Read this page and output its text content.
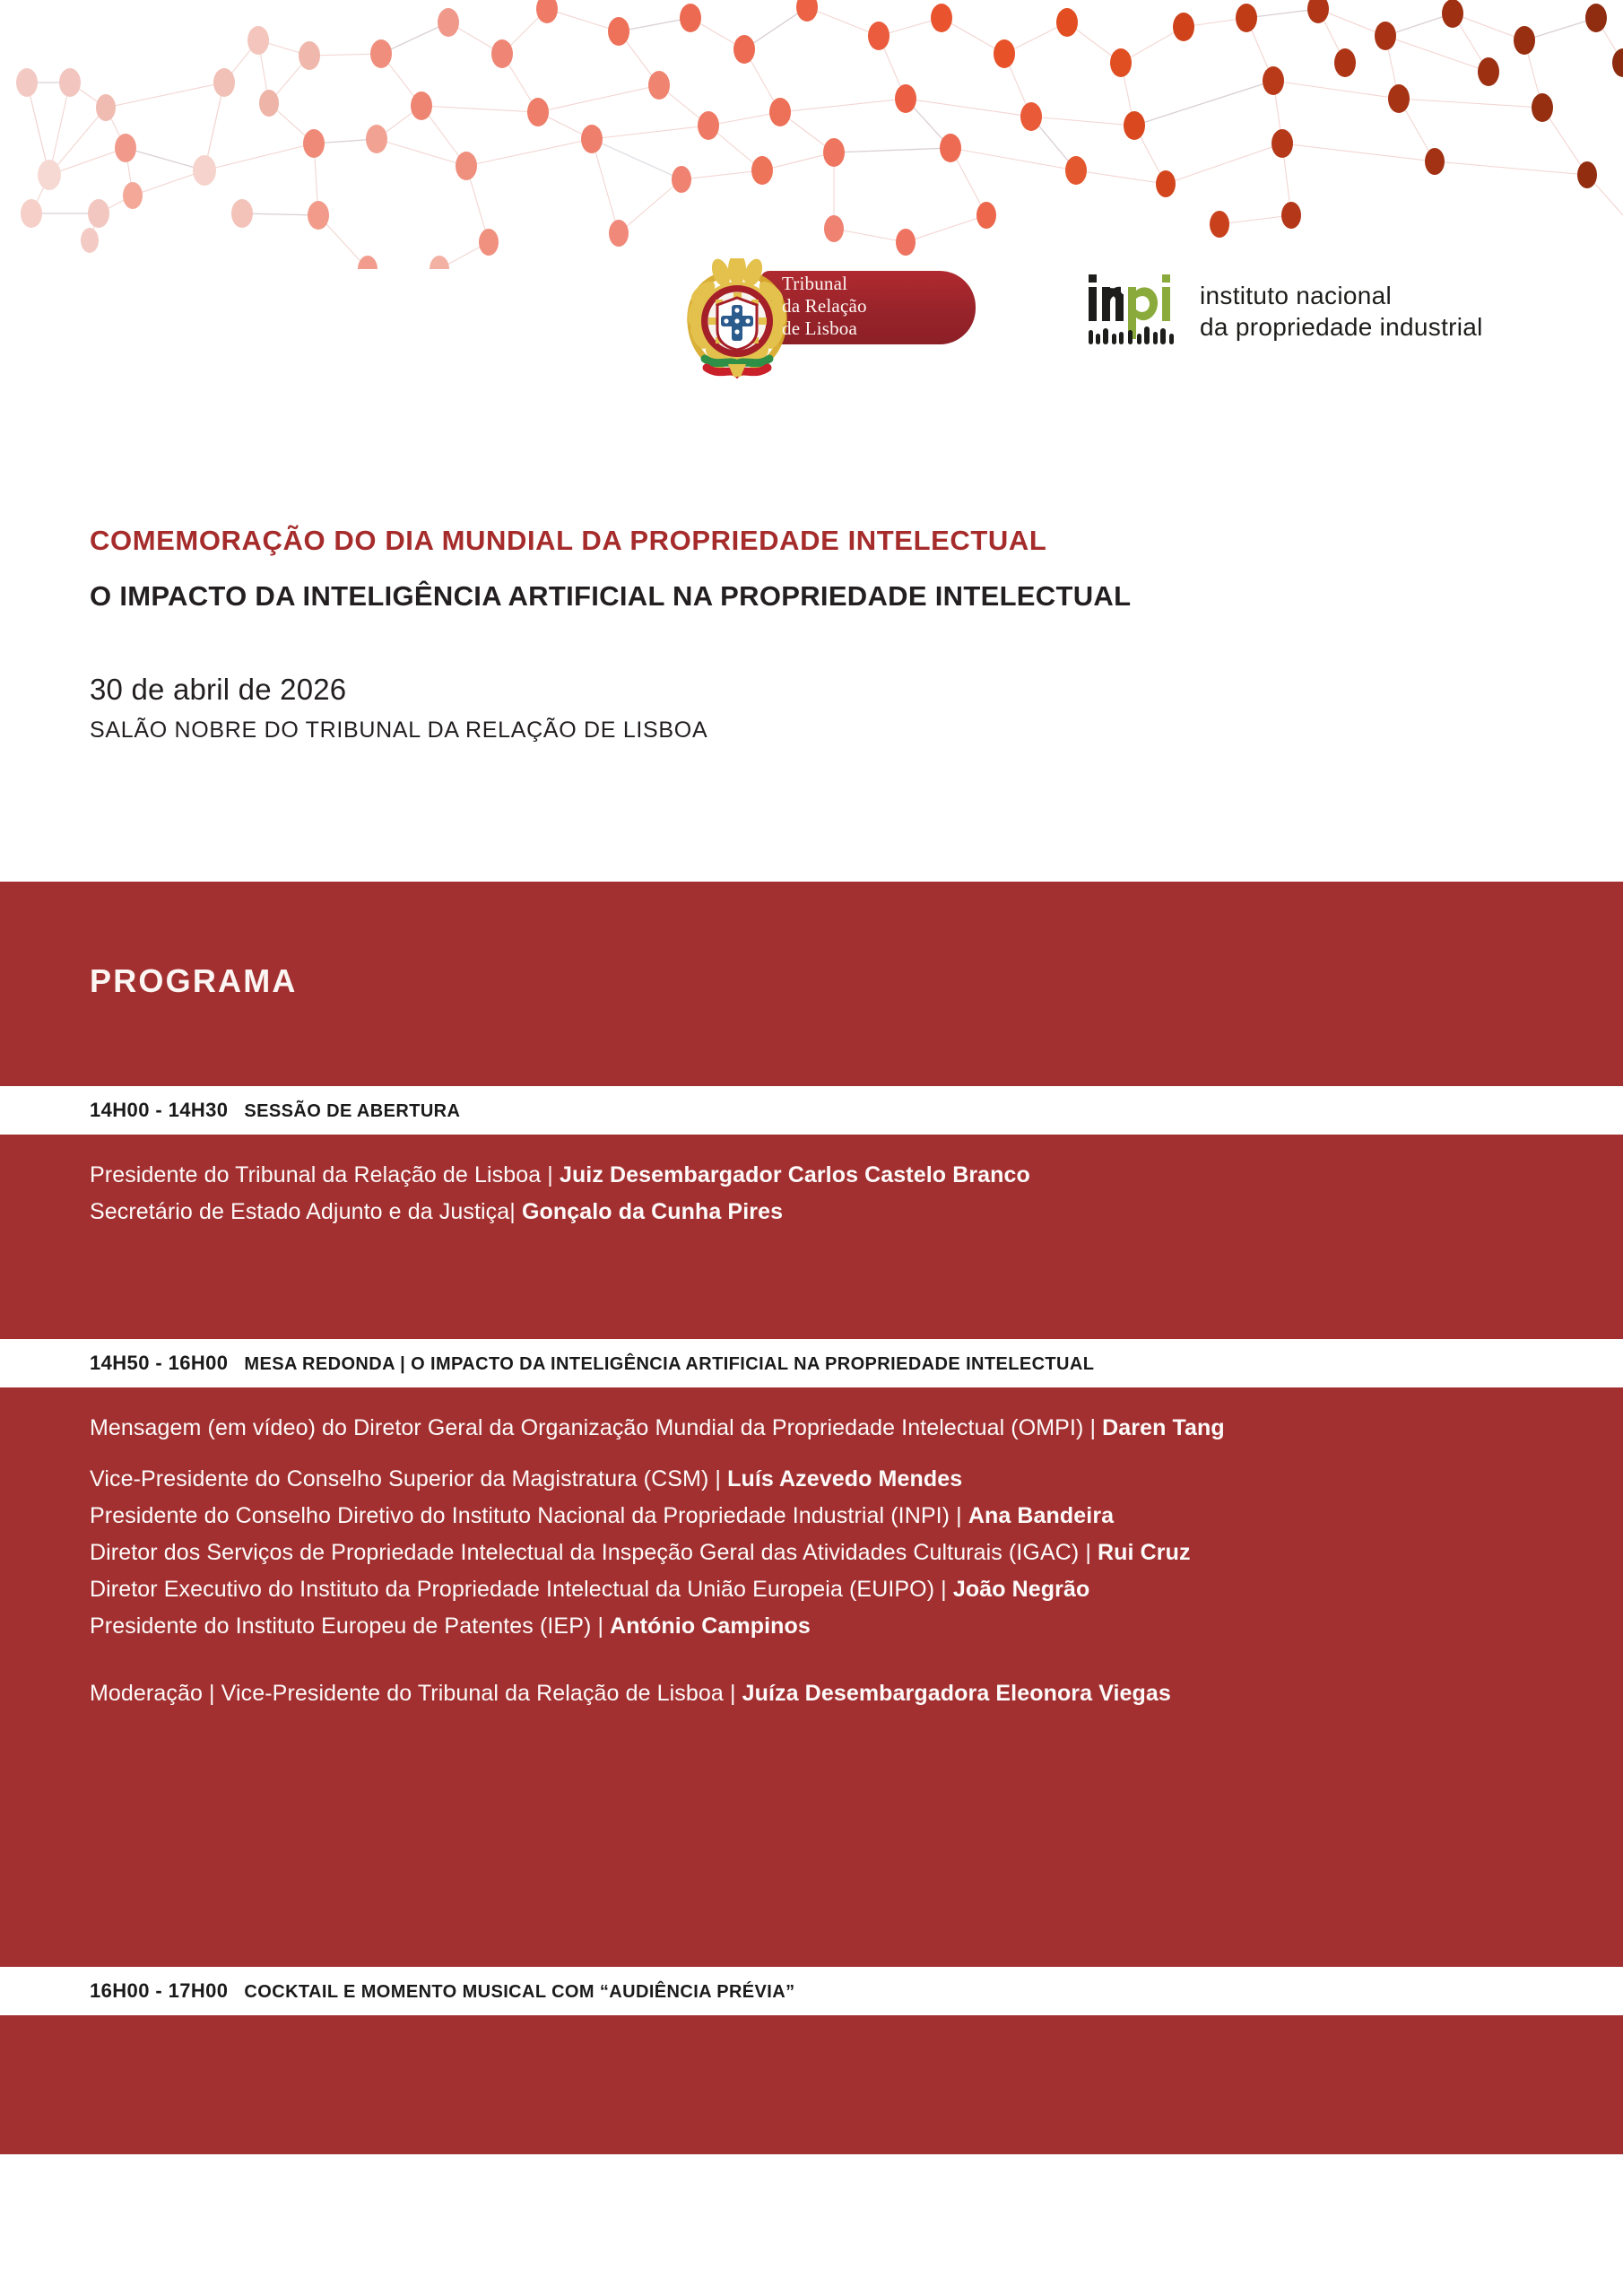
Tribunal
da Relação
de Lisboa
instituto nacional
da propriedade industrial
COMEMORAÇÃO DO DIA MUNDIAL DA PROPRIEDADE INTELECTUAL
O IMPACTO DA INTELIGÊNCIA ARTIFICIAL NA PROPRIEDADE INTELECTUAL
30 de abril de 2026
SALÃO NOBRE DO TRIBUNAL DA RELAÇÃO DE LISBOA
PROGRAMA
14H00 - 14H30 SESSÃO DE ABERTURA
Presidente do Tribunal da Relação de Lisboa | Juiz Desembargador Carlos Castelo Branco
Secretário de Estado Adjunto e da Justiça| Gonçalo da Cunha Pires
14H50 - 16H00 MESA REDONDA | O IMPACTO DA INTELIGÊNCIA ARTIFICIAL NA PROPRIEDADE INTELECTUAL
Mensagem (em vídeo) do Diretor Geral da Organização Mundial da Propriedade Intelectual (OMPI) | Daren Tang
Vice-Presidente do Conselho Superior da Magistratura (CSM) | Luís Azevedo Mendes
Presidente do Conselho Diretivo do Instituto Nacional da Propriedade Industrial (INPI) | Ana Bandeira
Diretor dos Serviços de Propriedade Intelectual da Inspeção Geral das Atividades Culturais (IGAC) | Rui Cruz
Diretor Executivo do Instituto da Propriedade Intelectual da União Europeia (EUIPO) | João Negrão
Presidente do Instituto Europeu de Patentes (IEP) | António Campinos
Moderação | Vice-Presidente do Tribunal da Relação de Lisboa | Juíza Desembargadora Eleonora Viegas
16H00 - 17H00 COCKTAIL E MOMENTO MUSICAL COM “AUDIÊNCIA PRÉVIA”
